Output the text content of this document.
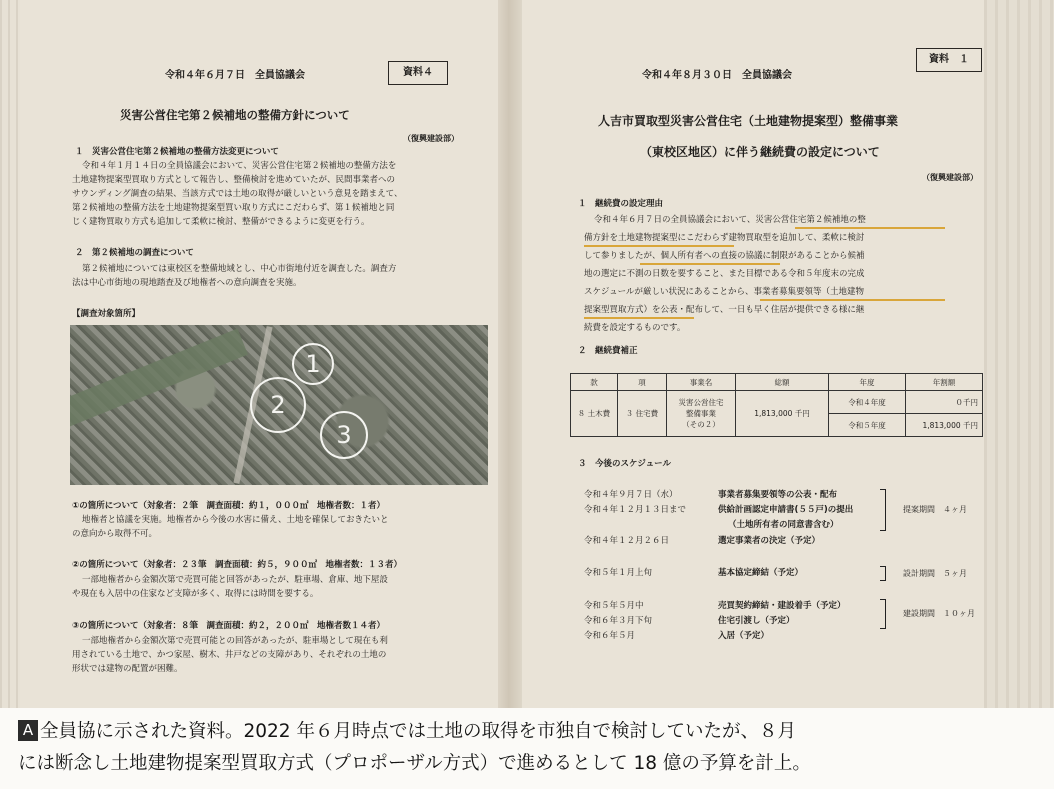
令和４年６月７日　全員協議会	資料４
災害公営住宅第２候補地の整備方針について
（復興建設部）
１　災害公営住宅第２候補地の整備方法変更について
令和４年１月１４日の全員協議会において、災害公営住宅第２候補地の整備方法を
土地建物提案型買取り方式として報告し、整備検討を進めていたが、民間事業者への
サウンディング調査の結果、当該方式では土地の取得が厳しいという意見を踏まえて、
第２候補地の整備方法を土地建物提案型買い取り方式にこだわらず、第１候補地と同
じく建物買取り方式も追加して柔軟に検討、整備ができるように変更を行う。
２　第２候補地の調査について
第２候補地については東校区を整備地域とし、中心市街地付近を調査した。調査方
法は中心市街地の現地踏査及び地権者への意向調査を実施。
【調査対象箇所】
1
2
3
①の箇所について（対象者：２筆　調査面積：約１，０００㎡　地権者数：１者）
地権者と協議を実施。地権者から今後の水害に備え、土地を確保しておきたいと
の意向から取得不可。
②の箇所について（対象者：２３筆　調査面積：約５，９００㎡　地権者数：１３者）
一部地権者から金額次第で売買可能と回答があったが、駐車場、倉庫、地下屋設
や現在も入居中の住家など支障が多く、取得には時間を要する。
③の箇所について（対象者：８筆　調査面積：約２，２００㎡　地権者数１４者）
一部地権者から金額次第で売買可能との回答があったが、駐車場として現在も利
用されている土地で、かつ家屋、樹木、井戸などの支障があり、それぞれの土地の
形状では建物の配置が困難。
資料　１
令和４年８月３０日　全員協議会
人吉市買取型災害公営住宅（土地建物提案型）整備事業
（東校区地区）に伴う継続費の設定について
（復興建設部）
１　継続費の設定理由
令和４年６月７日の全員協議会において、災害公営住宅第２候補地の整
備方針を土地建物提案型にこだわらず建物買取型を追加して、柔軟に検討
して参りましたが、個人所有者への直接の協議に制限があることから候補
地の選定に不測の日数を要すること、また目標である令和５年度末の完成
スケジュールが厳しい状況にあることから、事業者募集要領等（土地建物
提案型買取方式）を公表・配布して、一日も早く住居が提供できる様に継
続費を設定するものです。
２　継続費補正
款	項	事業名	総額	年度	年割額
８ 土木費	３ 住宅費	災害公営住宅
整備事業
（その２）	1,813,000 千円	令和４年度	０千円
				令和５年度	1,813,000 千円
３　今後のスケジュール
令和４年９月７日（水）	事業者募集要領等の公表・配布
令和４年１２月１３日まで	供給計画認定申請書(５５戸)の提出
（土地所有者の同意書含む）
令和４年１２月２６日	選定事業者の決定（予定）
令和５年１月上旬	基本協定締結（予定）
令和５年５月中	売買契約締結・建設着手（予定）
令和６年３月下旬	住宅引渡し（予定）
令和６年５月	入居（予定）
提案期間　４ヶ月
設計期間　５ヶ月
建設期間　１０ヶ月
A 全員協に示された資料。2022 年６月時点では土地の取得を市独自で検討していたが、８月
には断念し土地建物提案型買取方式（プロポーザル方式）で進めるとして 18 億の予算を計上。
